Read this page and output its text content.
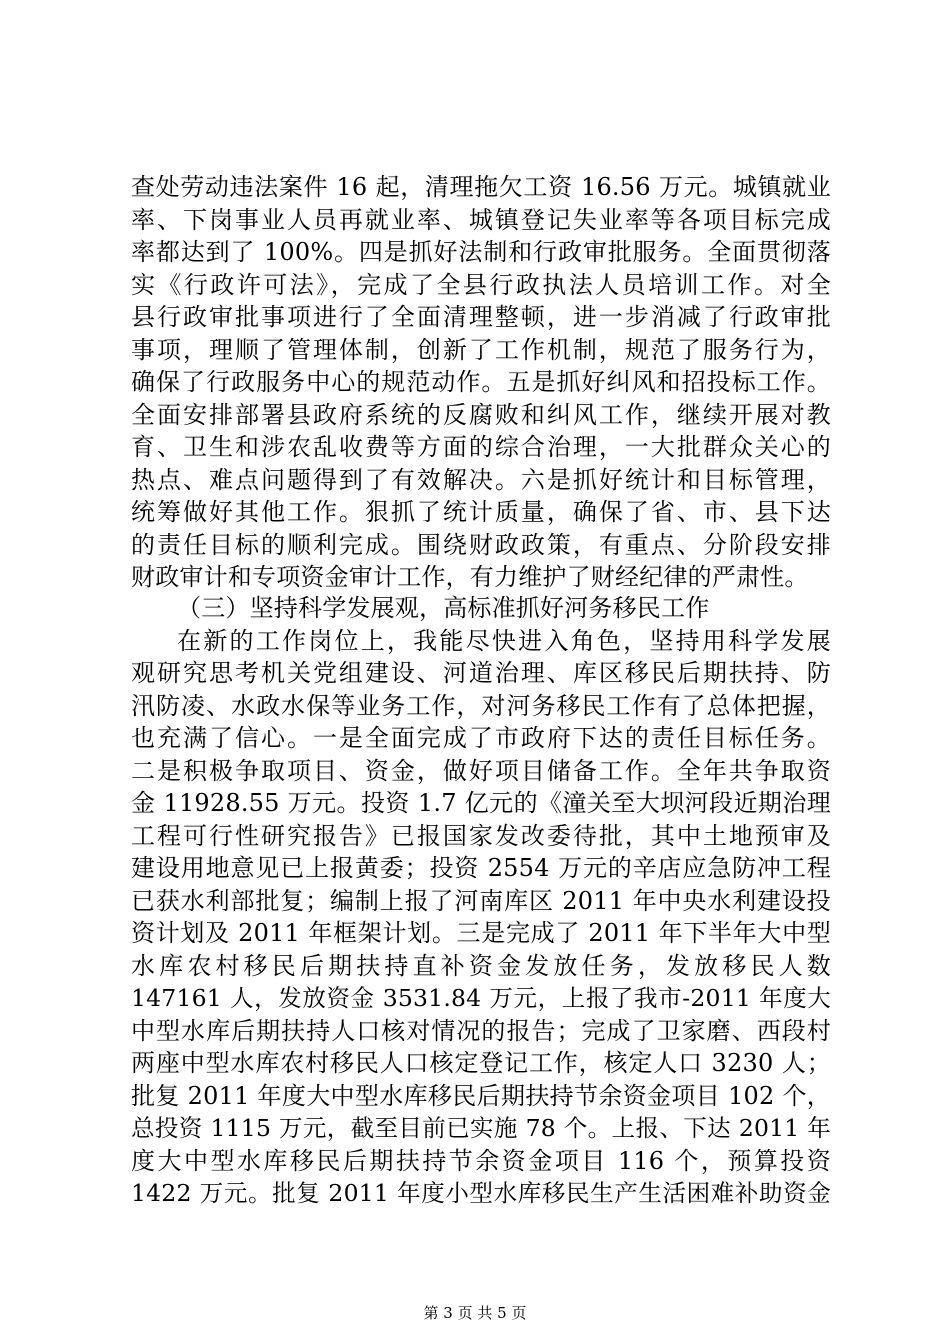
查处劳动违法案件 16 起，清理拖欠工资 16.56 万元。城镇就业
率、下岗事业人员再就业率、城镇登记失业率等各项目标完成
率都达到了 100%。四是抓好法制和行政审批服务。全面贯彻落
实《行政许可法》，完成了全县行政执法人员培训工作。对全
县行政审批事项进行了全面清理整顿，进一步消减了行政审批
事项，理顺了管理体制，创新了工作机制，规范了服务行为，
确保了行政服务中心的规范动作。五是抓好纠风和招投标工作。
全面安排部署县政府系统的反腐败和纠风工作，继续开展对教
育、卫生和涉农乱收费等方面的综合治理，一大批群众关心的
热点、难点问题得到了有效解决。六是抓好统计和目标管理，
统筹做好其他工作。狠抓了统计质量，确保了省、市、县下达
的责任目标的顺利完成。围绕财政政策，有重点、分阶段安排
财政审计和专项资金审计工作，有力维护了财经纪律的严肃性。
（三）坚持科学发展观，高标准抓好河务移民工作
在新的工作岗位上，我能尽快进入角色，坚持用科学发展
观研究思考机关党组建设、河道治理、库区移民后期扶持、防
汛防凌、水政水保等业务工作，对河务移民工作有了总体把握，
也充满了信心。一是全面完成了市政府下达的责任目标任务。
二是积极争取项目、资金，做好项目储备工作。全年共争取资
金 11928.55 万元。投资 1.7 亿元的《潼关至大坝河段近期治理
工程可行性研究报告》已报国家发改委待批，其中土地预审及
建设用地意见已上报黄委；投资 2554 万元的辛店应急防冲工程
已获水利部批复；编制上报了河南库区 2011 年中央水利建设投
资计划及 2011 年框架计划。三是完成了 2011 年下半年大中型
水库农村移民后期扶持直补资金发放任务，发放移民人数
147161 人，发放资金 3531.84 万元，上报了我市-2011 年度大
中型水库后期扶持人口核对情况的报告；完成了卫家磨、西段村
两座中型水库农村移民人口核定登记工作，核定人口 3230 人；
批复 2011 年度大中型水库移民后期扶持节余资金项目 102 个，
总投资 1115 万元，截至目前已实施 78 个。上报、下达 2011 年
度大中型水库移民后期扶持节余资金项目 116 个，预算投资
1422 万元。批复 2011 年度小型水库移民生产生活困难补助资金
第 3 页 共 5 页
